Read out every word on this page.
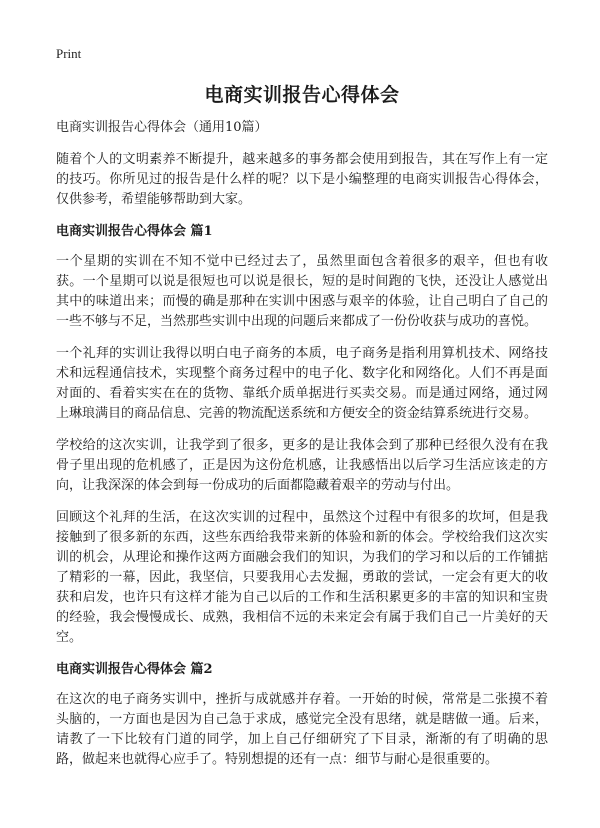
Print
电商实训报告心得体会

电商实训报告心得体会（通用10篇）

随着个人的文明素养不断提升，越来越多的事务都会使用到报告，其在写作上有一定的技巧。你所见过的报告是什么样的呢？以下是小编整理的电商实训报告心得体会，仅供参考，希望能够帮助到大家。

电商实训报告心得体会 篇1

一个星期的实训在不知不觉中已经过去了，虽然里面包含着很多的艰辛，但也有收获。一个星期可以说是很短也可以说是很长，短的是时间跑的飞快，还没让人感觉出其中的味道出来；而慢的确是那种在实训中困惑与艰辛的体验，让自己明白了自己的一些不够与不足，当然那些实训中出现的问题后来都成了一份份收获与成功的喜悦。

一个礼拜的实训让我得以明白电子商务的本质，电子商务是指利用算机技术、网络技术和远程通信技术，实现整个商务过程中的电子化、数字化和网络化。人们不再是面对面的、看着实实在在的货物、靠纸介质单据进行买卖交易。而是通过网络，通过网上琳琅满目的商品信息、完善的物流配送系统和方便安全的资金结算系统进行交易。

学校给的这次实训，让我学到了很多，更多的是让我体会到了那种已经很久没有在我骨子里出现的危机感了，正是因为这份危机感，让我感悟出以后学习生活应该走的方向，让我深深的体会到每一份成功的后面都隐藏着艰辛的劳动与付出。

回顾这个礼拜的生活，在这次实训的过程中，虽然这个过程中有很多的坎坷，但是我接触到了很多新的东西，这些东西给我带来新的体验和新的体会。学校给我们这次实训的机会，从理论和操作这两方面融会我们的知识，为我们的学习和以后的工作铺掂了精彩的一幕，因此，我坚信，只要我用心去发掘，勇敢的尝试，一定会有更大的收获和启发，也许只有这样才能为自己以后的工作和生活积累更多的丰富的知识和宝贵的经验，我会慢慢成长、成熟，我相信不远的未来定会有属于我们自己一片美好的天空。

电商实训报告心得体会 篇2

在这次的电子商务实训中，挫折与成就感并存着。一开始的时候，常常是二张摸不着头脑的，一方面也是因为自己急于求成，感觉完全没有思绪，就是瞎做一通。后来，请教了一下比较有门道的同学，加上自己仔细研究了下目录，渐渐的有了明确的思路，做起来也就得心应手了。特别想提的还有一点：细节与耐心是很重要的。
